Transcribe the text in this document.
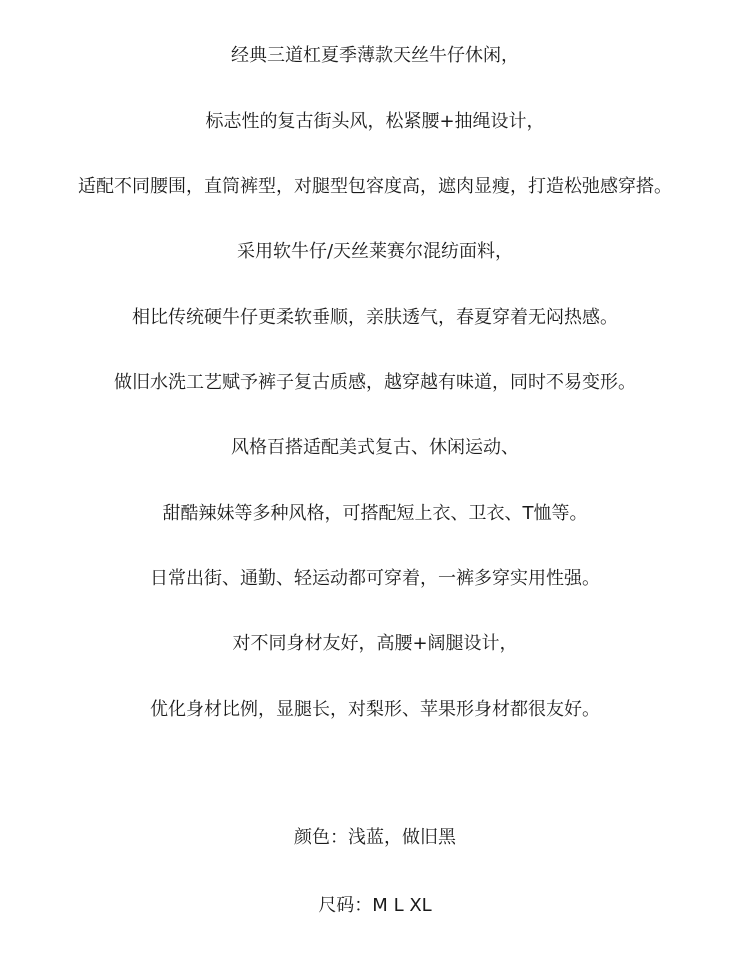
经典三道杠夏季薄款天丝牛仔休闲，
标志性的复古街头风，松紧腰+抽绳设计，
适配不同腰围，直筒裤型，对腿型包容度高，遮肉显瘦，打造松弛感穿搭。
采用软牛仔/天丝莱赛尔混纺面料，
相比传统硬牛仔更柔软垂顺，亲肤透气，春夏穿着无闷热感。
做旧水洗工艺赋予裤子复古质感，越穿越有味道，同时不易变形。
风格百搭适配美式复古、休闲运动、
甜酷辣妹等多种风格，可搭配短上衣、卫衣、T恤等。
日常出街、通勤、轻运动都可穿着，一裤多穿实用性强。
对不同身材友好，高腰+阔腿设计，
优化身材比例，显腿长，对梨形、苹果形身材都很友好。
颜色：浅蓝，做旧黑
尺码：M L XL
